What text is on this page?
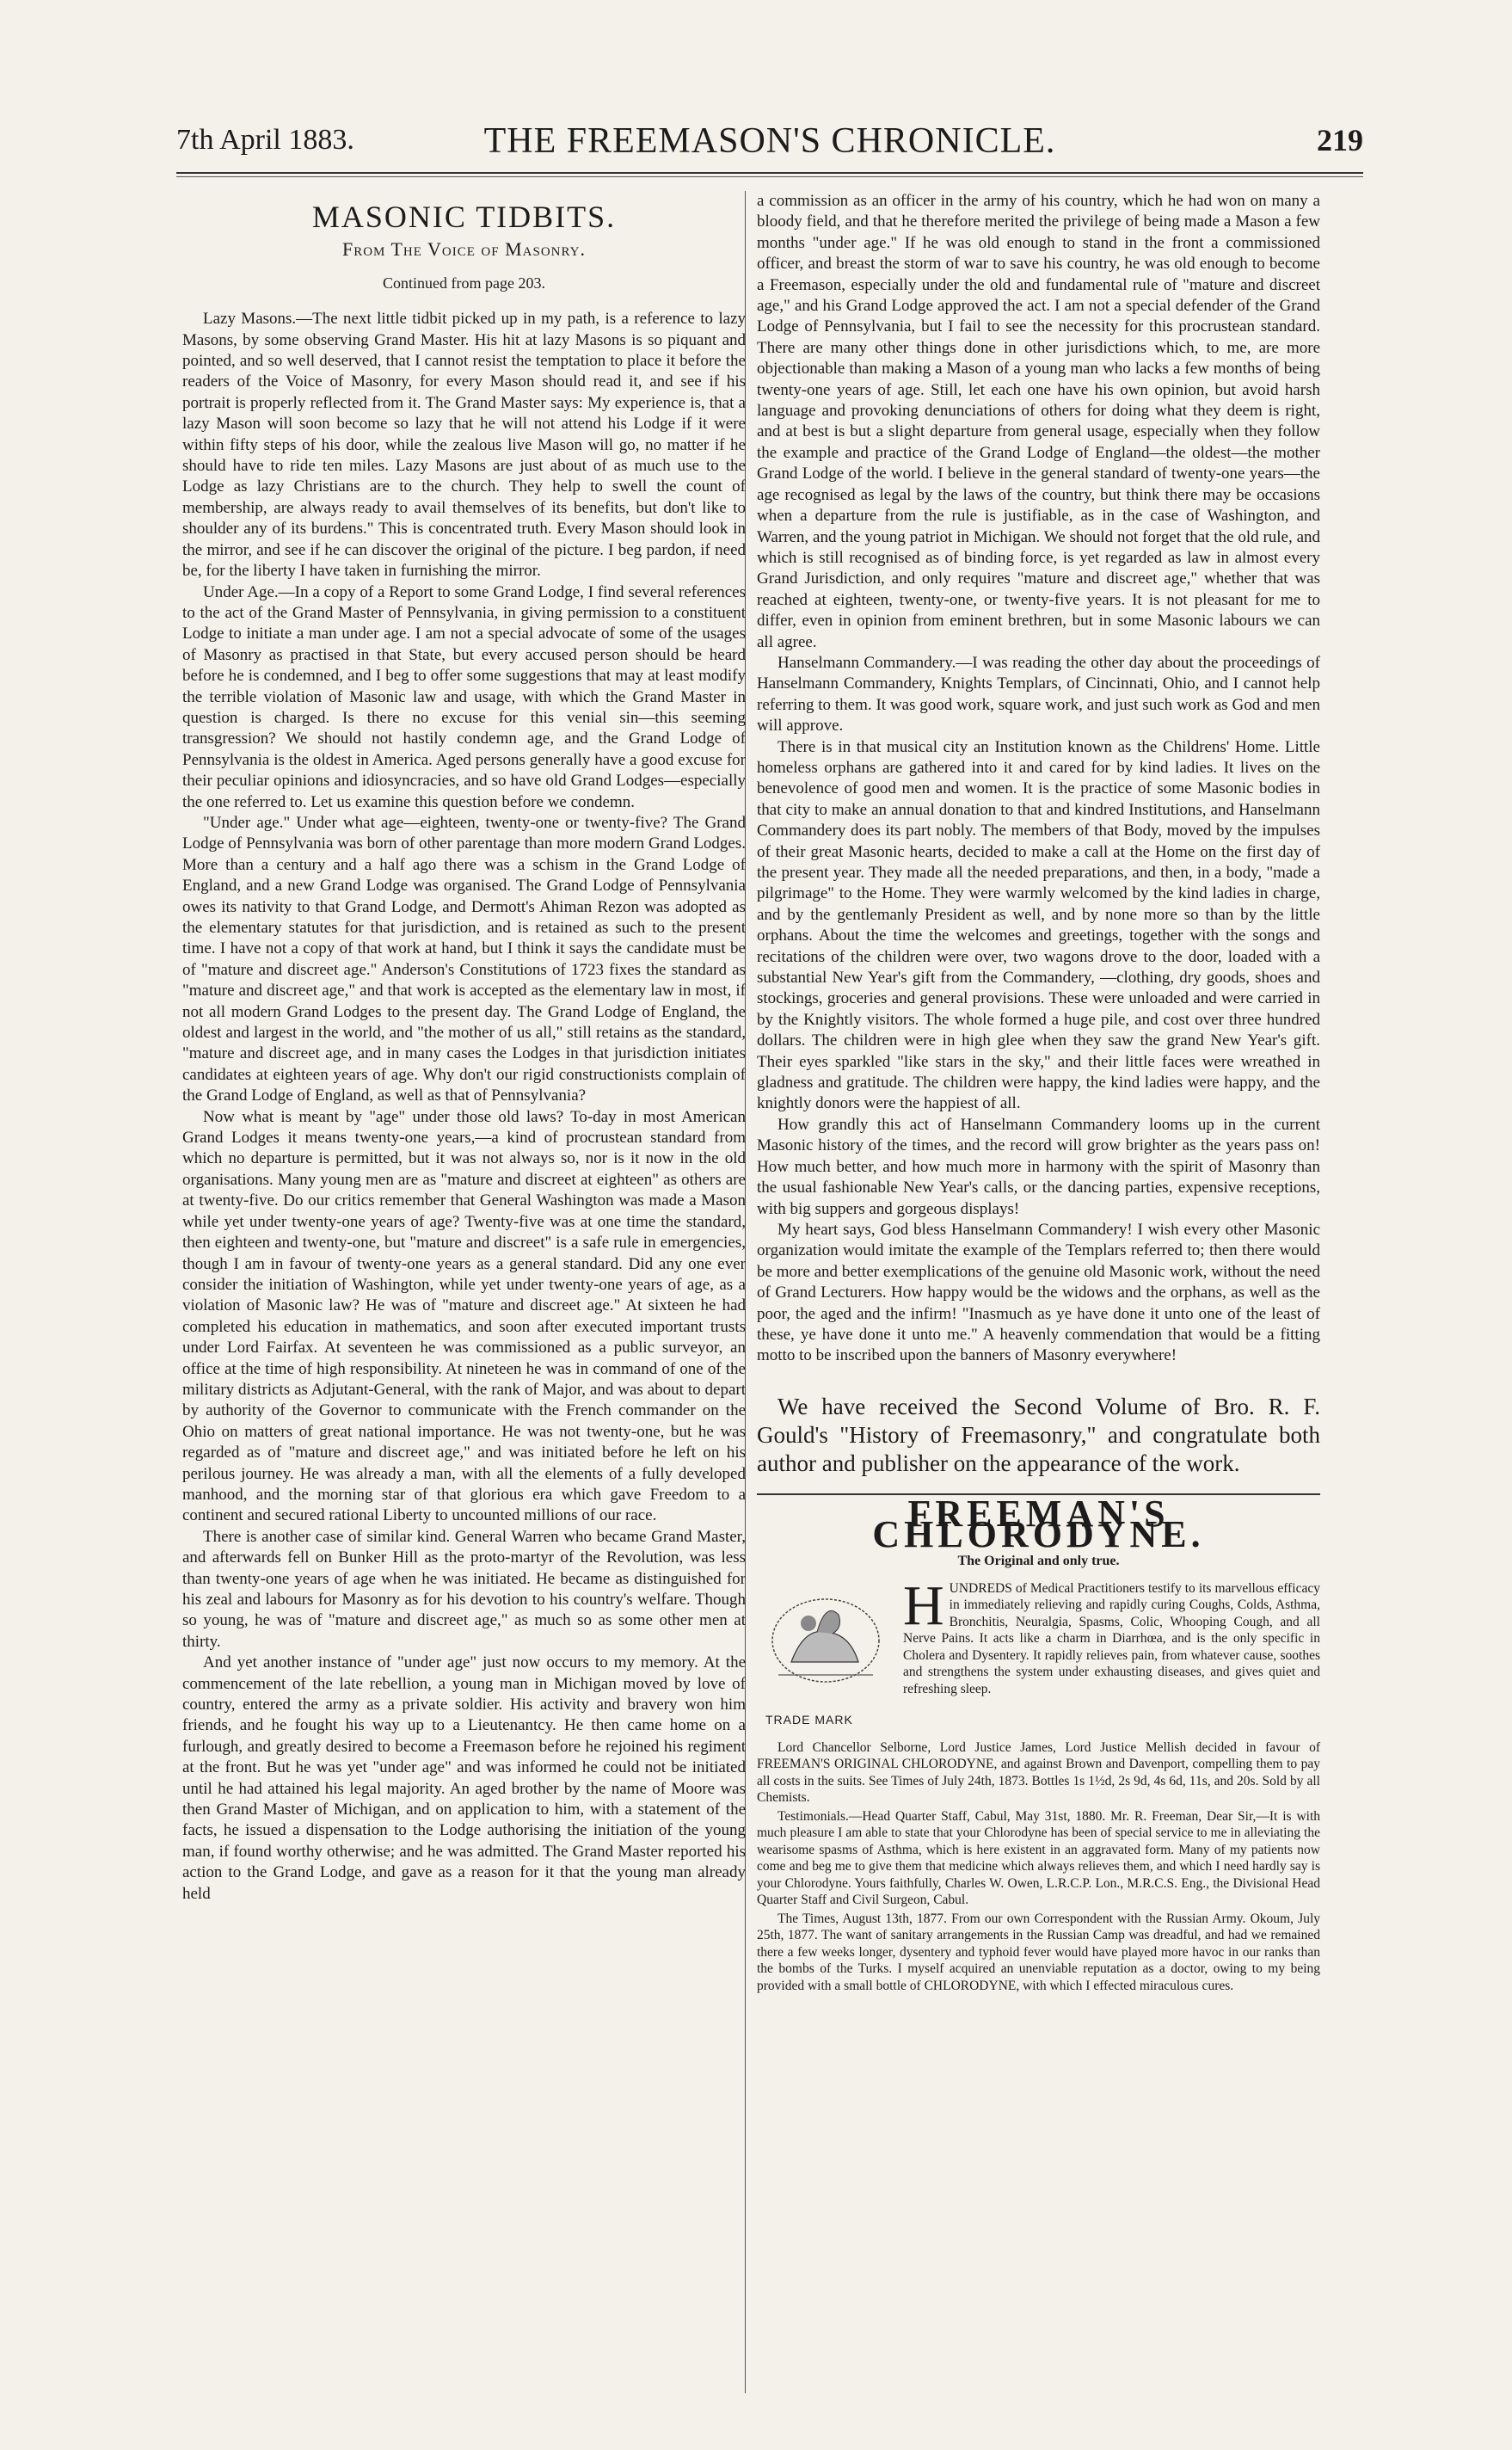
7th April 1883.	THE FREEMASON'S CHRONICLE.	219
MASONIC TIDBITS.
From The Voice of Masonry.
Continued from page 203.

Lazy Masons.—The next little tidbit picked up in my path, is a reference to lazy Masons, by some observing Grand Master. His hit at lazy Masons is so piquant and pointed, and so well deserved, that I cannot resist the temptation to place it before the readers of the Voice of Masonry, for every Mason should read it, and see if his portrait is properly reflected from it. The Grand Master says: My experience is, that a lazy Mason will soon become so lazy that he will not attend his Lodge if it were within fifty steps of his door, while the zealous live Mason will go, no matter if he should have to ride ten miles. Lazy Masons are just about of as much use to the Lodge as lazy Christians are to the church. They help to swell the count of membership, are always ready to avail themselves of its benefits, but don't like to shoulder any of its burdens." This is concentrated truth. Every Mason should look in the mirror, and see if he can discover the original of the picture. I beg pardon, if need be, for the liberty I have taken in furnishing the mirror.

Under Age.—In a copy of a Report to some Grand Lodge, I find several references to the act of the Grand Master of Pennsylvania, in giving permission to a constituent Lodge to initiate a man under age. I am not a special advocate of some of the usages of Masonry as practised in that State, but every accused person should be heard before he is condemned, and I beg to offer some suggestions that may at least modify the terrible violation of Masonic law and usage, with which the Grand Master in question is charged. Is there no excuse for this venial sin—this seeming transgression? We should not hastily condemn age, and the Grand Lodge of Pennsylvania is the oldest in America. Aged persons generally have a good excuse for their peculiar opinions and idiosyncracies, and so have old Grand Lodges—especially the one referred to. Let us examine this question before we condemn.

"Under age." Under what age—eighteen, twenty-one or twenty-five? The Grand Lodge of Pennsylvania was born of other parentage than more modern Grand Lodges. More than a century and a half ago there was a schism in the Grand Lodge of England, and a new Grand Lodge was organised. The Grand Lodge of Pennsylvania owes its nativity to that Grand Lodge, and Dermott's Ahiman Rezon was adopted as the elementary statutes for that jurisdiction, and is retained as such to the present time. I have not a copy of that work at hand, but I think it says the candidate must be of "mature and discreet age." Anderson's Constitutions of 1723 fixes the standard as "mature and discreet age," and that work is accepted as the elementary law in most, if not all modern Grand Lodges to the present day. The Grand Lodge of England, the oldest and largest in the world, and "the mother of us all," still retains as the standard, "mature and discreet age, and in many cases the Lodges in that jurisdiction initiates candidates at eighteen years of age. Why don't our rigid constructionists complain of the Grand Lodge of England, as well as that of Pennsylvania?

Now what is meant by "age" under those old laws? To-day in most American Grand Lodges it means twenty-one years,—a kind of procrustean standard from which no departure is permitted, but it was not always so, nor is it now in the old organisations. Many young men are as "mature and discreet at eighteen" as others are at twenty-five. Do our critics remember that General Washington was made a Mason while yet under twenty-one years of age? Twenty-five was at one time the standard, then eighteen and twenty-one, but "mature and discreet" is a safe rule in emergencies, though I am in favour of twenty-one years as a general standard. Did any one ever consider the initiation of Washington, while yet under twenty-one years of age, as a violation of Masonic law? He was of "mature and discreet age." At sixteen he had completed his education in mathematics, and soon after executed important trusts under Lord Fairfax. At seventeen he was commissioned as a public surveyor, an office at the time of high responsibility. At nineteen he was in command of one of the military districts as Adjutant-General, with the rank of Major, and was about to depart by authority of the Governor to communicate with the French commander on the Ohio on matters of great national importance. He was not twenty-one, but he was regarded as of "mature and discreet age," and was initiated before he left on his perilous journey. He was already a man, with all the elements of a fully developed manhood, and the morning star of that glorious era which gave Freedom to a continent and secured rational Liberty to uncounted millions of our race.

There is another case of similar kind. General Warren who became Grand Master, and afterwards fell on Bunker Hill as the proto-martyr of the Revolution, was less than twenty-one years of age when he was initiated. He became as distinguished for his zeal and labours for Masonry as for his devotion to his country's welfare. Though so young, he was of "mature and discreet age," as much so as some other men at thirty.

And yet another instance of "under age" just now occurs to my memory. At the commencement of the late rebellion, a young man in Michigan moved by love of country, entered the army as a private soldier. His activity and bravery won him friends, and he fought his way up to a Lieutenantcy. He then came home on a furlough, and greatly desired to become a Freemason before he rejoined his regiment at the front. But he was yet "under age" and was informed he could not be initiated until he had attained his legal majority. An aged brother by the name of Moore was then Grand Master of Michigan, and on application to him, with a statement of the facts, he issued a dispensation to the Lodge authorising the initiation of the young man, if found worthy otherwise; and he was admitted. The Grand Master reported his action to the Grand Lodge, and gave as a reason for it that the young man already held

a commission as an officer in the army of his country, which he had won on many a bloody field, and that he therefore merited the privilege of being made a Mason a few months "under age." If he was old enough to stand in the front a commissioned officer, and breast the storm of war to save his country, he was old enough to become a Freemason, especially under the old and fundamental rule of "mature and discreet age," and his Grand Lodge approved the act. I am not a special defender of the Grand Lodge of Pennsylvania, but I fail to see the necessity for this procrustean standard. There are many other things done in other jurisdictions which, to me, are more objectionable than making a Mason of a young man who lacks a few months of being twenty-one years of age. Still, let each one have his own opinion, but avoid harsh language and provoking denunciations of others for doing what they deem is right, and at best is but a slight departure from general usage, especially when they follow the example and practice of the Grand Lodge of England—the oldest—the mother Grand Lodge of the world. I believe in the general standard of twenty-one years—the age recognised as legal by the laws of the country, but think there may be occasions when a departure from the rule is justifiable, as in the case of Washington, and Warren, and the young patriot in Michigan. We should not forget that the old rule, and which is still recognised as of binding force, is yet regarded as law in almost every Grand Jurisdiction, and only requires "mature and discreet age," whether that was reached at eighteen, twenty-one, or twenty-five years. It is not pleasant for me to differ, even in opinion from eminent brethren, but in some Masonic labours we can all agree.

Hanselmann Commandery.—I was reading the other day about the proceedings of Hanselmann Commandery, Knights Templars, of Cincinnati, Ohio, and I cannot help referring to them. It was good work, square work, and just such work as God and men will approve.

There is in that musical city an Institution known as the Childrens' Home. Little homeless orphans are gathered into it and cared for by kind ladies. It lives on the benevolence of good men and women. It is the practice of some Masonic bodies in that city to make an annual donation to that and kindred Institutions, and Hanselmann Commandery does its part nobly. The members of that Body, moved by the impulses of their great Masonic hearts, decided to make a call at the Home on the first day of the present year. They made all the needed preparations, and then, in a body, "made a pilgrimage" to the Home. They were warmly welcomed by the kind ladies in charge, and by the gentlemanly President as well, and by none more so than by the little orphans. About the time the welcomes and greetings, together with the songs and recitations of the children were over, two wagons drove to the door, loaded with a substantial New Year's gift from the Commandery, —clothing, dry goods, shoes and stockings, groceries and general provisions. These were unloaded and were carried in by the Knightly visitors. The whole formed a huge pile, and cost over three hundred dollars. The children were in high glee when they saw the grand New Year's gift. Their eyes sparkled "like stars in the sky," and their little faces were wreathed in gladness and gratitude. The children were happy, the kind ladies were happy, and the knightly donors were the happiest of all.

How grandly this act of Hanselmann Commandery looms up in the current Masonic history of the times, and the record will grow brighter as the years pass on! How much better, and how much more in harmony with the spirit of Masonry than the usual fashionable New Year's calls, or the dancing parties, expensive receptions, with big suppers and gorgeous displays!

My heart says, God bless Hanselmann Commandery! I wish every other Masonic organization would imitate the example of the Templars referred to; then there would be more and better exemplications of the genuine old Masonic work, without the need of Grand Lecturers. How happy would be the widows and the orphans, as well as the poor, the aged and the infirm! "Inasmuch as ye have done it unto one of the least of these, ye have done it unto me." A heavenly commendation that would be a fitting motto to be inscribed upon the banners of Masonry everywhere!

We have received the Second Volume of Bro. R. F. Gould's "History of Freemasonry," and congratulate both author and publisher on the appearance of the work.
FREEMAN'S CHLORODYNE.
The Original and only true.
TRADE MARK
H UNDREDS of Medical Practitioners testify to its marvellous efficacy in immediately relieving and rapidly curing Coughs, Colds, Asthma, Bronchitis, Neuralgia, Spasms, Colic, Whooping Cough, and all Nerve Pains. It acts like a charm in Diarrhœa, and is the only specific in Cholera and Dysentery. It rapidly relieves pain, from whatever cause, soothes and strengthens the system under exhausting diseases, and gives quiet and refreshing sleep.

Lord Chancellor Selborne, Lord Justice James, Lord Justice Mellish decided in favour of FREEMAN'S ORIGINAL CHLORODYNE, and against Brown and Davenport, compelling them to pay all costs in the suits. See Times of July 24th, 1873. Bottles 1s 1½d, 2s 9d, 4s 6d, 11s, and 20s. Sold by all Chemists.

Testimonials.—Head Quarter Staff, Cabul, May 31st, 1880. Mr. R. Freeman, Dear Sir,—It is with much pleasure I am able to state that your Chlorodyne has been of special service to me in alleviating the wearisome spasms of Asthma, which is here existent in an aggravated form. Many of my patients now come and beg me to give them that medicine which always relieves them, and which I need hardly say is your Chlorodyne. Yours faithfully, Charles W. Owen, L.R.C.P. Lon., M.R.C.S. Eng., the Divisional Head Quarter Staff and Civil Surgeon, Cabul.

The Times, August 13th, 1877. From our own Correspondent with the Russian Army. Okoum, July 25th, 1877. The want of sanitary arrangements in the Russian Camp was dreadful, and had we remained there a few weeks longer, dysentery and typhoid fever would have played more havoc in our ranks than the bombs of the Turks. I myself acquired an unenviable reputation as a doctor, owing to my being provided with a small bottle of CHLORODYNE, with which I effected miraculous cures.
